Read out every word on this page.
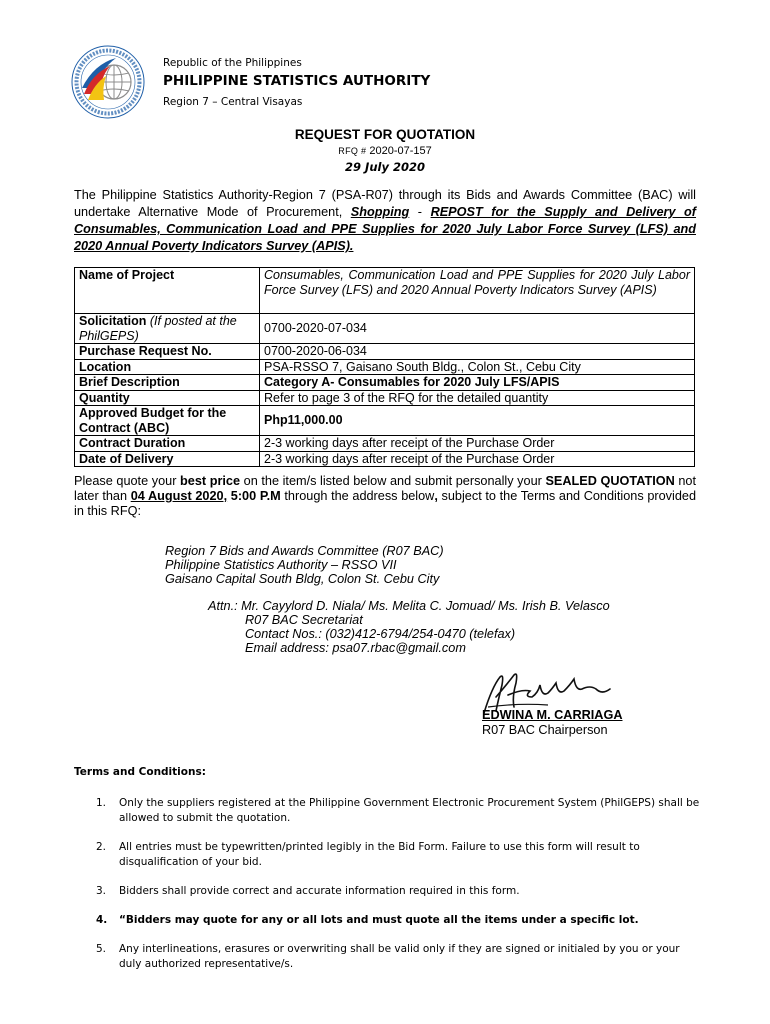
Republic of the Philippines
PHILIPPINE STATISTICS AUTHORITY
Region 7 – Central Visayas
REQUEST FOR QUOTATION
RFQ # 2020-07-157
29 July 2020
The Philippine Statistics Authority-Region 7 (PSA-R07) through its Bids and Awards Committee (BAC) will undertake Alternative Mode of Procurement, Shopping - REPOST for the Supply and Delivery of Consumables, Communication Load and PPE Supplies for 2020 July Labor Force Survey (LFS) and 2020 Annual Poverty Indicators Survey (APIS).
Name of Project	Consumables, Communication Load and PPE Supplies for 2020 July Labor Force Survey (LFS) and 2020 Annual Poverty Indicators Survey (APIS)
Solicitation (If posted at the PhilGEPS)	0700-2020-07-034
Purchase Request No.	0700-2020-06-034
Location	PSA-RSSO 7, Gaisano South Bldg., Colon St., Cebu City
Brief Description	Category A- Consumables for 2020 July LFS/APIS
Quantity	Refer to page 3 of the RFQ for the detailed quantity
Approved Budget for the Contract (ABC)	Php11,000.00
Contract Duration	2-3 working days after receipt of the Purchase Order
Date of Delivery	2-3 working days after receipt of the Purchase Order
Please quote your best price on the item/s listed below and submit personally your SEALED QUOTATION not later than 04 August 2020, 5:00 P.M through the address below, subject to the Terms and Conditions provided in this RFQ:
Region 7 Bids and Awards Committee (R07 BAC)
Philippine Statistics Authority – RSSO VII
Gaisano Capital South Bldg, Colon St. Cebu City
Attn.: Mr. Cayylord D. Niala/ Ms. Melita C. Jomuad/ Ms. Irish B. Velasco
R07 BAC Secretariat
Contact Nos.: (032)412-6794/254-0470 (telefax)
Email address: psa07.rbac@gmail.com
EDWINA M. CARRIAGA
R07 BAC Chairperson
Terms and Conditions:
1. Only the suppliers registered at the Philippine Government Electronic Procurement System (PhilGEPS) shall be allowed to submit the quotation.
2. All entries must be typewritten/printed legibly in the Bid Form. Failure to use this form will result to disqualification of your bid.
3. Bidders shall provide correct and accurate information required in this form.
4. “Bidders may quote for any or all lots and must quote all the items under a specific lot.
5. Any interlineations, erasures or overwriting shall be valid only if they are signed or initialed by you or your duly authorized representative/s.
